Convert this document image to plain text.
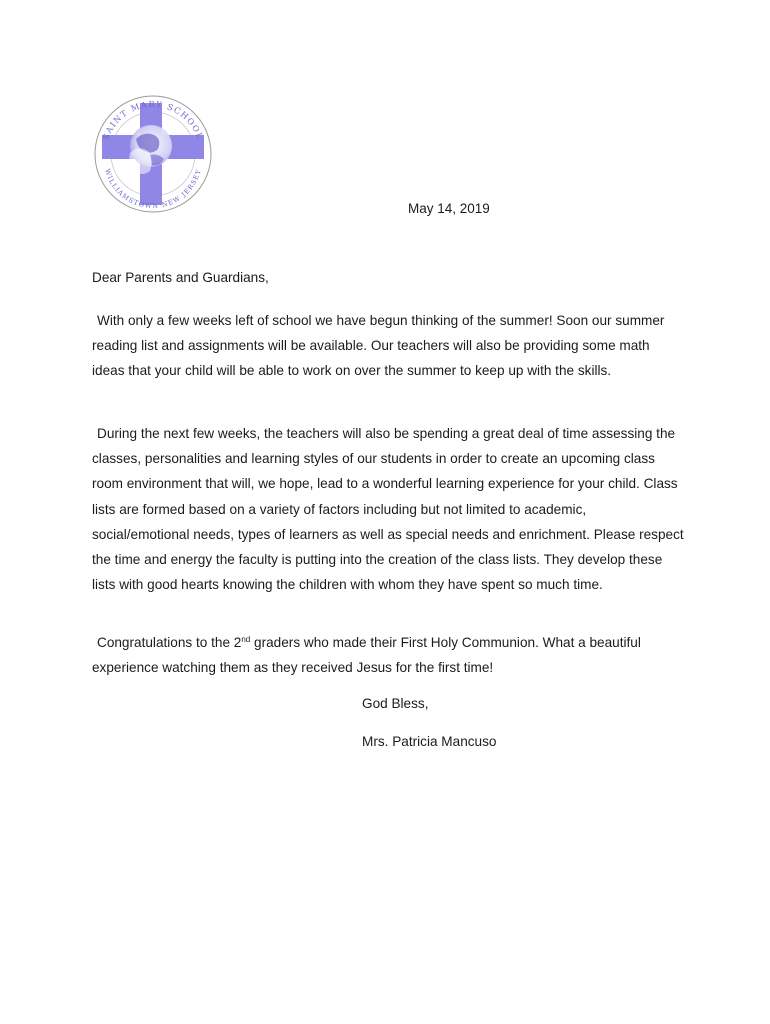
SAINT MARY SCHOOL
WILLIAMSTOWN NEW JERSEY
May 14, 2019
Dear Parents and Guardians,
With only a few weeks left of school we have begun thinking of the summer! Soon our summer reading list and assignments will be available. Our teachers will also be providing some math ideas that your child will be able to work on over the summer to keep up with the skills.
During the next few weeks, the teachers will also be spending a great deal of time assessing the classes, personalities and learning styles of our students in order to create an upcoming class room environment that will, we hope, lead to a wonderful learning experience for your child. Class lists are formed based on a variety of factors including but not limited to academic, social/emotional needs, types of learners as well as special needs and enrichment. Please respect the time and energy the faculty is putting into the creation of the class lists. They develop these lists with good hearts knowing the children with whom they have spent so much time.
Congratulations to the 2nd graders who made their First Holy Communion. What a beautiful experience watching them as they received Jesus for the first time!
God Bless,
Mrs. Patricia Mancuso
